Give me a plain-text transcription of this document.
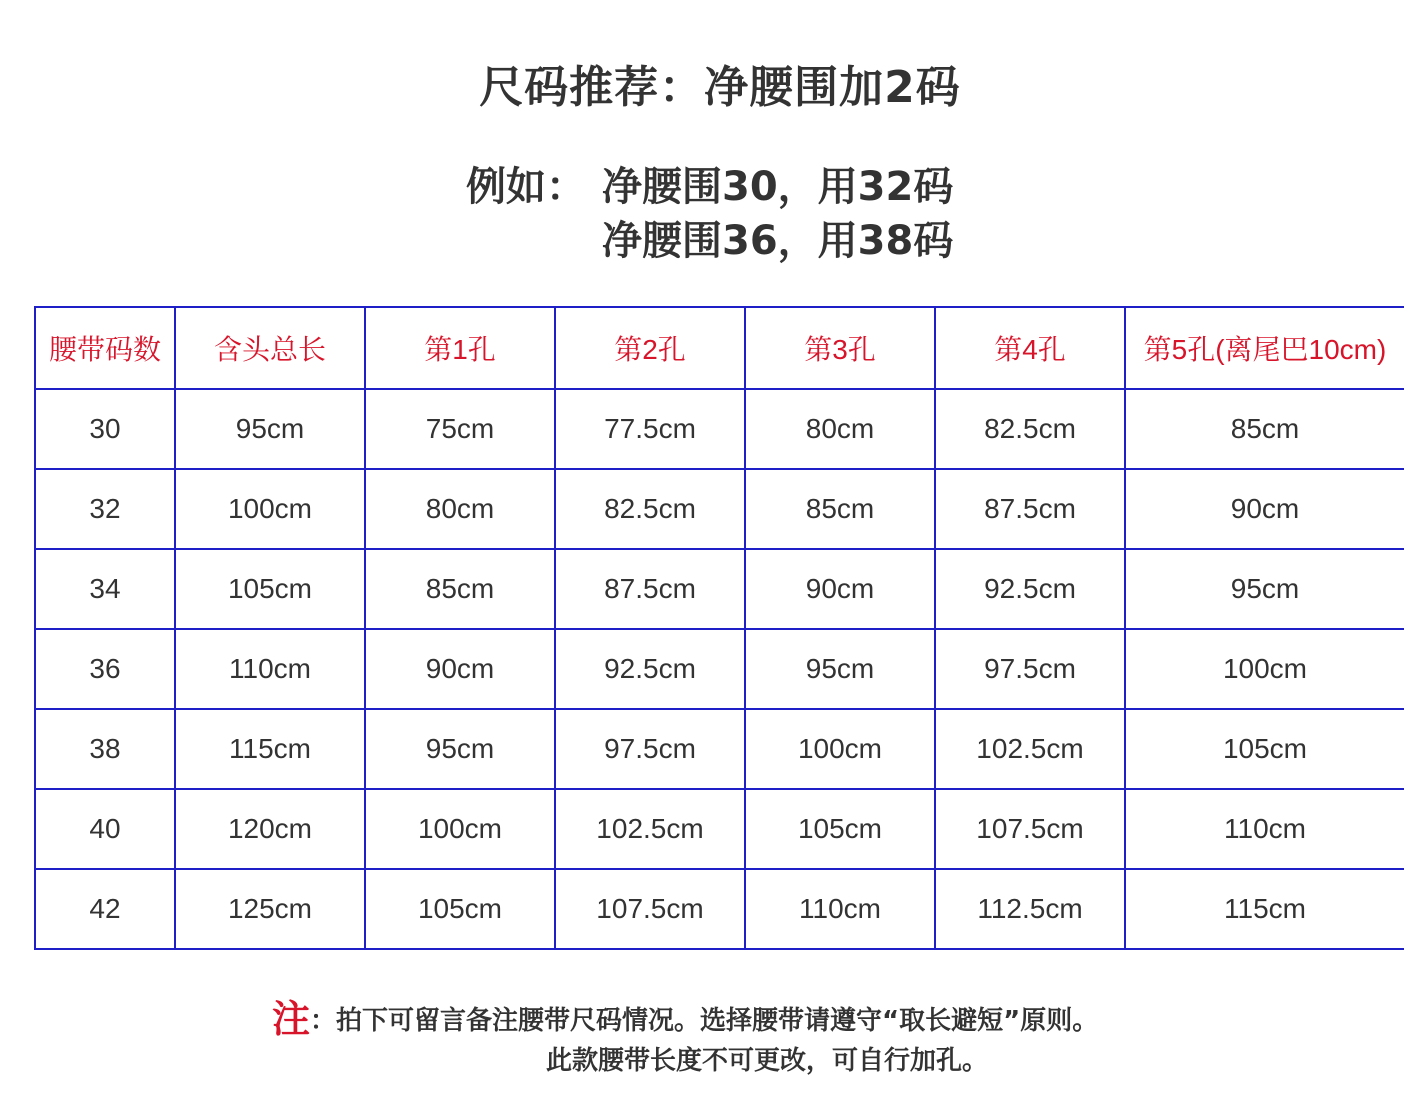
尺码推荐：净腰围加2码
例如： 净腰围30，用32码
净腰围36，用38码
腰带码数	含头总长	第1孔	第2孔	第3孔	第4孔	第5孔(离尾巴10cm)
30	95cm	75cm	77.5cm	80cm	82.5cm	85cm
32	100cm	80cm	82.5cm	85cm	87.5cm	90cm
34	105cm	85cm	87.5cm	90cm	92.5cm	95cm
36	110cm	90cm	92.5cm	95cm	97.5cm	100cm
38	115cm	95cm	97.5cm	100cm	102.5cm	105cm
40	120cm	100cm	102.5cm	105cm	107.5cm	110cm
42	125cm	105cm	107.5cm	110cm	112.5cm	115cm
注：拍下可留言备注腰带尺码情况。选择腰带请遵守“取长避短”原则。
此款腰带长度不可更改，可自行加孔。
